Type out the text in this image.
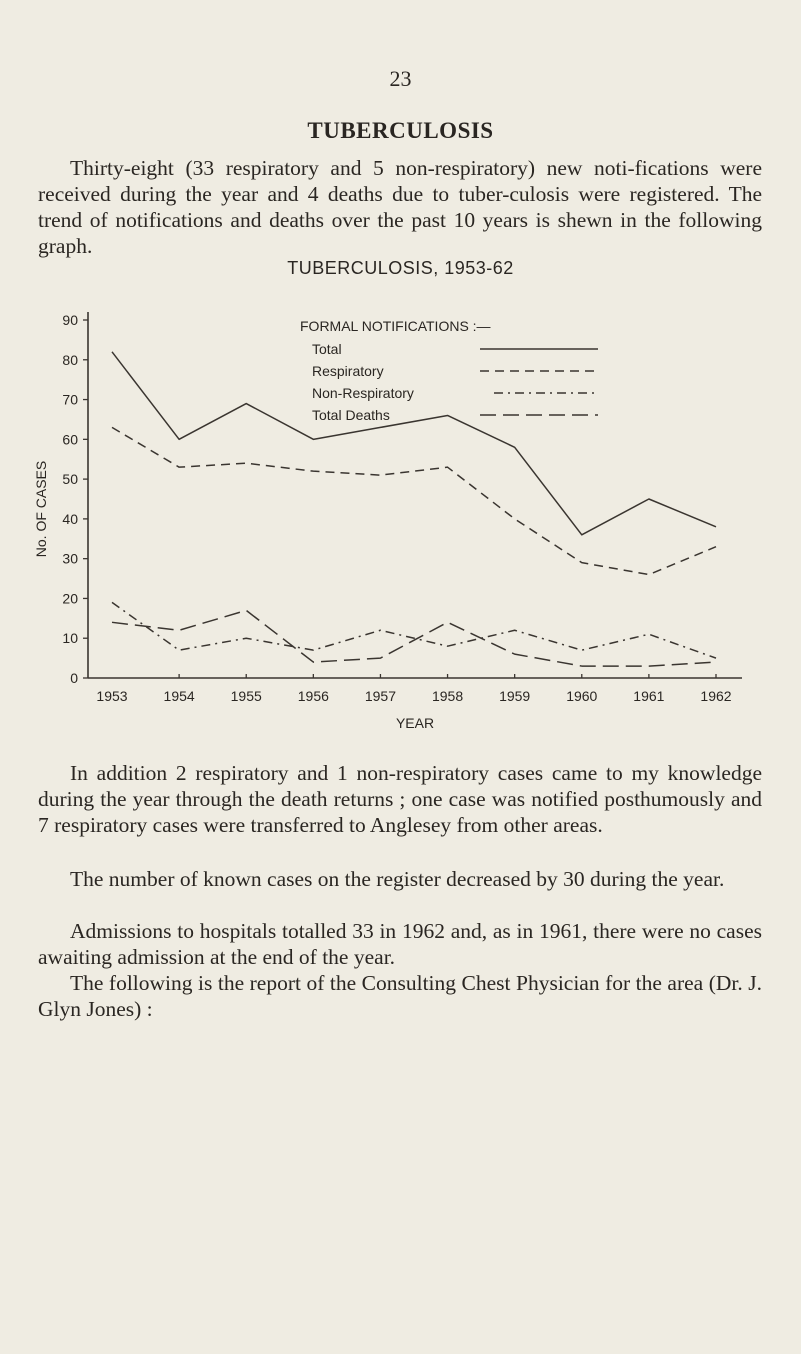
23
TUBERCULOSIS

Thirty-eight (33 respiratory and 5 non-respiratory) new noti-fications were received during the year and 4 deaths due to tuber-culosis were registered. The trend of notifications and deaths over the past 10 years is shewn in the following graph.

TUBERCULOSIS, 1953-62
0
10
20
30
40
50
60
70
80
90
1953	1954	1955	1956	1957	1958	1959	1960	1961	1962
YEAR
No. OF CASES
FORMAL NOTIFICATIONS :—
Total
Respiratory
Non-Respiratory
Total Deaths

In addition 2 respiratory and 1 non-respiratory cases came to my knowledge during the year through the death returns ; one case was notified posthumously and 7 respiratory cases were transferred to Anglesey from other areas.

The number of known cases on the register decreased by 30 during the year.

Admissions to hospitals totalled 33 in 1962 and, as in 1961, there were no cases awaiting admission at the end of the year.

The following is the report of the Consulting Chest Physician for the area (Dr. J. Glyn Jones) :
